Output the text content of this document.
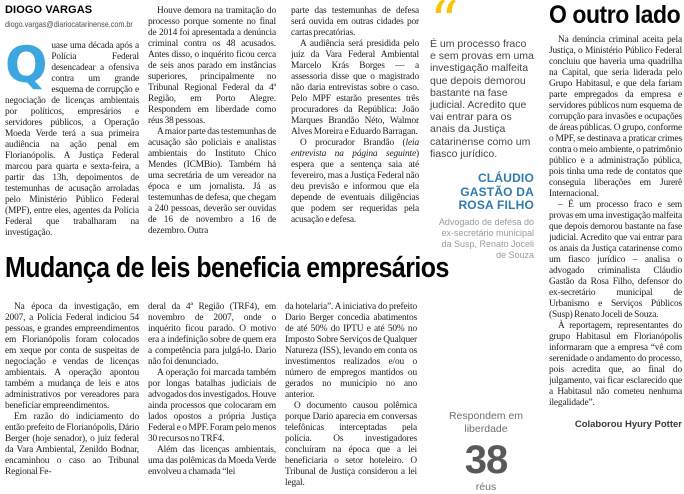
DIOGO VARGAS
diogo.vargas@diariocatarinense.com.br

Quase uma década após a Polícia Federal desencadear a ofensiva contra um grande esquema de corrupção e negociação de licenças ambientais por políticos, empresários e servidores públicos, a Operação Moeda Verde terá a sua primeira audiência na ação penal em Florianópolis. A Justiça Federal marcou para quarta e sexta-feira, a partir das 13h, depoimentos de testemunhas de acusação arroladas pelo Ministério Público Federal (MPF), entre eles, agentes da Polícia Federal que trabalharam na investigação.

Houve demora na tramitação do processo porque somente no final de 2014 foi apresentada a denúncia criminal contra os 48 acusados. Antes disso, o inquérito ficou cerca de seis anos parado em instâncias superiores, principalmente no Tribunal Regional Federal da 4ª Região, em Porto Alegre. Respondem em liberdade como réus 38 pessoas.

A maior parte das testemunhas de acusação são policiais e analistas ambientais do Instituto Chico Mendes (ICMBio). Também há uma secretária de um vereador na época e um jornalista. Já as testemunhas de defesa, que chegam a 240 pessoas, deverão ser ouvidas de 16 de novembro a 16 de dezembro. Outra

parte das testemunhas de defesa será ouvida em outras cidades por cartas precatórias.

A audiência será presidida pelo juiz da Vara Federal Ambiental Marcelo Krás Borges — a assessoria disse que o magistrado não daria entrevistas sobre o caso. Pelo MPF estarão presentes três procuradores da República: João Marques Brandão Néto, Walmor Alves Moreira e Eduardo Barragan.

O procurador Brandão (leia entrevista na página seguinte) espera que a sentença saia até fevereiro, mas a Justiça Federal não deu previsão e informou que ela depende de eventuais diligências que podem ser requeridas pela acusação e defesa.

“
É um processo fraco e sem provas em uma investigação malfeita que depois demorou bastante na fase judicial. Acredito que vai entrar para os anais da Justiça catarinense como um fiasco jurídico.
CLÁUDIO GASTÃO DA ROSA FILHO
Advogado de defesa do ex-secretário municipal da Susp, Renato Joceli de Souza
O outro lado

Na denúncia criminal aceita pela Justiça, o Ministério Público Federal concluiu que haveria uma quadrilha na Capital, que seria liderada pelo Grupo Habitasul, e que dela fariam parte empregados da empresa e servidores públicos num esquema de corrupção para invasões e ocupações de áreas públicas. O grupo, conforme o MPF, se destinava a praticar crimes contra o meio ambiente, o patrimônio público e a administração pública, pois tinha uma rede de contatos que conseguia liberações em Jurerê Internacional.

– É um processo fraco e sem provas em uma investigação malfeita que depois demorou bastante na fase judicial. Acredito que vai entrar para os anais da Justiça catarinense como um fiasco jurídico – analisa o advogado criminalista Cláudio Gastão da Rosa Filho, defensor do ex-secretário municipal de Urbanismo e Serviços Públicos (Susp) Renato Joceli de Souza.

À reportagem, representantes do grupo Habitasul em Florianópolis informaram que a empresa “vê com serenidade o andamento do processo, pois acredita que, ao final do julgamento, vai ficar esclarecido que a Habitasul não cometeu nenhuma ilegalidade”.

Colaborou Hyury Potter
Mudança de leis beneficia empresários

Na época da investigação, em 2007, a Polícia Federal indiciou 54 pessoas, e grandes empreendimentos em Florianópolis foram colocados em xeque por conta de suspeitas de negociação e vendas de licenças ambientais. A operação apontou também a mudança de leis e atos administrativos por vereadores para beneficiar empreendimentos.

Em razão do indiciamento do então prefeito de Florianópolis, Dário Berger (hoje senador), o juiz federal da Vara Ambiental, Zenildo Bodnar, encaminhou o caso ao Tribunal Regional Fe-

deral da 4ª Região (TRF4), em novembro de 2007, onde o inquérito ficou parado. O motivo era a indefinição sobre de quem era a competência para julgá-lo. Dario não foi denunciado.

A operação foi marcada também por longas batalhas judiciais de advogados dos investigados. Houve ainda processos que colocaram em lados opostos a própria Justiça Federal e o MPF. Foram pelo menos 30 recursos no TRF4.

Além das licenças ambientais, uma das polêmicas da Moeda Verde envolveu a chamada “lei

da hotelaria”. A iniciativa do prefeito Dario Berger concedia abatimentos de até 50% do IPTU e até 50% no Imposto Sobre Serviços de Qualquer Natureza (ISS), levando em conta os investimentos realizados e/ou o número de empregos mantidos ou gerados no município no ano anterior.

O documento causou polêmica porque Dario aparecia em conversas telefônicas interceptadas pela polícia. Os investigadores concluíram na época que a lei beneficiaria o setor hoteleiro. O Tribunal de Justiça considerou a lei legal.

Respondem em liberdade
38
réus
